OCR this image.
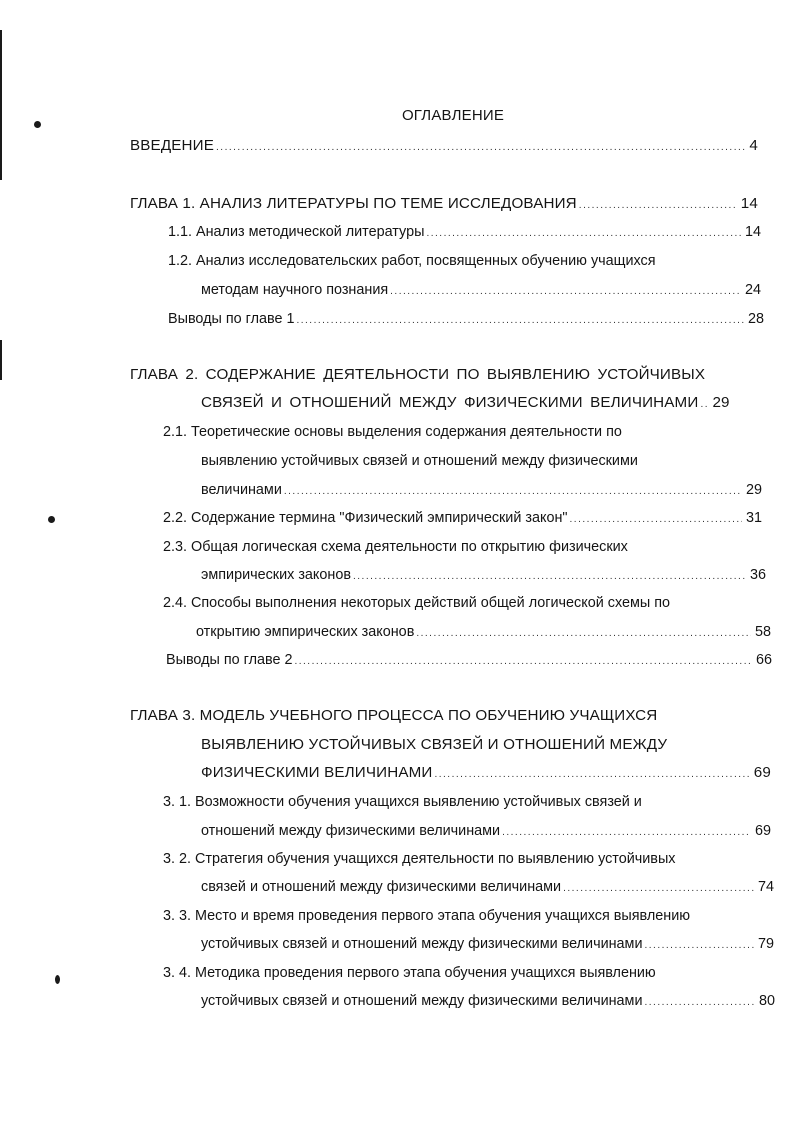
ОГЛАВЛЕНИЕ
ВВЕДЕНИЕ .....	4
ГЛАВА 1. АНАЛИЗ ЛИТЕРАТУРЫ ПО ТЕМЕ ИССЛЕДОВАНИЯ .....	14
1.1. Анализ методической литературы .....	14
1.2. Анализ исследовательских работ, посвященных обучению учащихся
методам научного познания .....	24
Выводы по главе 1 .....	28
ГЛАВА 2. СОДЕРЖАНИЕ ДЕЯТЕЛЬНОСТИ ПО ВЫЯВЛЕНИЮ УСТОЙЧИВЫХ
СВЯЗЕЙ И ОТНОШЕНИЙ МЕЖДУ ФИЗИЧЕСКИМИ ВЕЛИЧИНАМИ ..... 29
2.1. Теоретические основы выделения содержания деятельности по
выявлению устойчивых связей и отношений между физическими
величинами .....	29
2.2. Содержание термина "Физический эмпирический закон" .....	31
2.3. Общая логическая схема деятельности по открытию физических
эмпирических законов .....	36
2.4. Способы выполнения некоторых действий общей логической схемы по
открытию эмпирических законов .....	58
Выводы по главе 2 .....	66
ГЛАВА 3. МОДЕЛЬ УЧЕБНОГО ПРОЦЕССА ПО ОБУЧЕНИЮ УЧАЩИХСЯ
ВЫЯВЛЕНИЮ УСТОЙЧИВЫХ СВЯЗЕЙ И ОТНОШЕНИЙ МЕЖДУ
ФИЗИЧЕСКИМИ ВЕЛИЧИНАМИ .....	69
3. 1. Возможности обучения учащихся выявлению устойчивых связей и
отношений между физическими величинами .....	69
3. 2. Стратегия обучения учащихся деятельности по выявлению устойчивых
связей и отношений между физическими величинами .....	74
3. 3. Место и время проведения первого этапа обучения учащихся выявлению
устойчивых связей и отношений между физическими величинами .....	79
3. 4. Методика проведения первого этапа обучения учащихся выявлению
устойчивых связей и отношений между физическими величинами .....	80
